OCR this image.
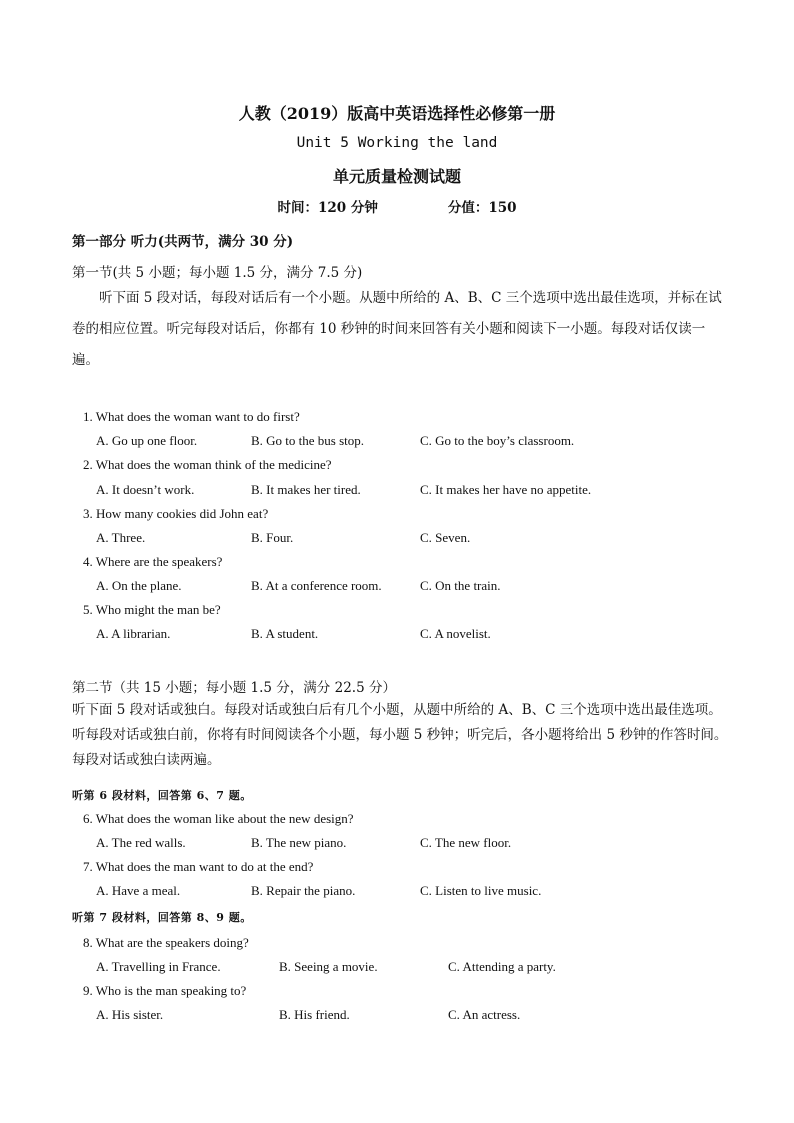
人教（2019）版高中英语选择性必修第一册
Unit 5 Working the land
单元质量检测试题
时间：120 分钟	分值：150
第一部分 听力(共两节，满分 30 分)
第一节(共 5 小题；每小题 1.5 分，满分 7.5 分)
听下面 5 段对话，每段对话后有一个小题。从题中所给的 A、B、C 三个选项中选出最佳选项，并标在试卷的相应位置。听完每段对话后，你都有 10 秒钟的时间来回答有关小题和阅读下一小题。每段对话仅读一遍。
1. What does the woman want to do first?
A. Go up one floor.	B. Go to the bus stop.	C. Go to the boy’s classroom.
2. What does the woman think of the medicine?
A. It doesn’t work.	B. It makes her tired.	C. It makes her have no appetite.
3. How many cookies did John eat?
A. Three.	B. Four.	C. Seven.
4. Where are the speakers?
A. On the plane.	B. At a conference room.	C. On the train.
5. Who might the man be?
A. A librarian.	B. A student.	C. A novelist.
第二节（共 15 小题；每小题 1.5 分，满分 22.5 分）
听下面 5 段对话或独白。每段对话或独白后有几个小题，从题中所给的 A、B、C 三个选项中选出最佳选项。听每段对话或独白前，你将有时间阅读各个小题，每小题 5 秒钟；听完后，各小题将给出 5 秒钟的作答时间。每段对话或独白读两遍。
听第 6 段材料，回答第 6、7 题。
6. What does the woman like about the new design?
A. The red walls.	B. The new piano.	C. The new floor.
7. What does the man want to do at the end?
A. Have a meal.	B. Repair the piano.	C. Listen to live music.
听第 7 段材料，回答第 8、9 题。
8. What are the speakers doing?
A. Travelling in France.	B. Seeing a movie.	C. Attending a party.
9. Who is the man speaking to?
A. His sister.	B. His friend.	C. An actress.
